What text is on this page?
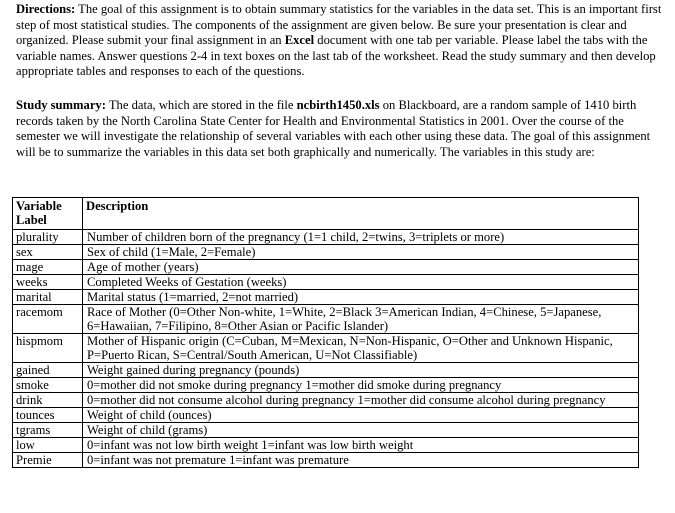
Directions: The goal of this assignment is to obtain summary statistics for the variables in the data set. This is an important first step of most statistical studies. The components of the assignment are given below. Be sure your presentation is clear and organized. Please submit your final assignment in an Excel document with one tab per variable. Please label the tabs with the variable names. Answer questions 2-4 in text boxes on the last tab of the worksheet. Read the study summary and then develop appropriate tables and responses to each of the questions.

Study summary: The data, which are stored in the file ncbirth1450.xls on Blackboard, are a random sample of 1410 birth records taken by the North Carolina State Center for Health and Environmental Statistics in 2001. Over the course of the semester we will investigate the relationship of several variables with each other using these data. The goal of this assignment will be to summarize the variables in this data set both graphically and numerically. The variables in this study are:

Variable Label	Description
plurality	Number of children born of the pregnancy (1=1 child, 2=twins, 3=triplets or more)
sex	Sex of child (1=Male, 2=Female)
mage	Age of mother (years)
weeks	Completed Weeks of Gestation (weeks)
marital	Marital status (1=married, 2=not married)
racemom	Race of Mother (0=Other Non-white, 1=White, 2=Black 3=American Indian, 4=Chinese, 5=Japanese, 6=Hawaiian, 7=Filipino, 8=Other Asian or Pacific Islander)
hispmom	Mother of Hispanic origin (C=Cuban, M=Mexican, N=Non-Hispanic, O=Other and Unknown Hispanic, P=Puerto Rican, S=Central/South American, U=Not Classifiable)
gained	Weight gained during pregnancy (pounds)
smoke	0=mother did not smoke during pregnancy 1=mother did smoke during pregnancy
drink	0=mother did not consume alcohol during pregnancy 1=mother did consume alcohol during pregnancy
tounces	Weight of child (ounces)
tgrams	Weight of child (grams)
low	0=infant was not low birth weight 1=infant was low birth weight
Premie	0=infant was not premature 1=infant was premature
